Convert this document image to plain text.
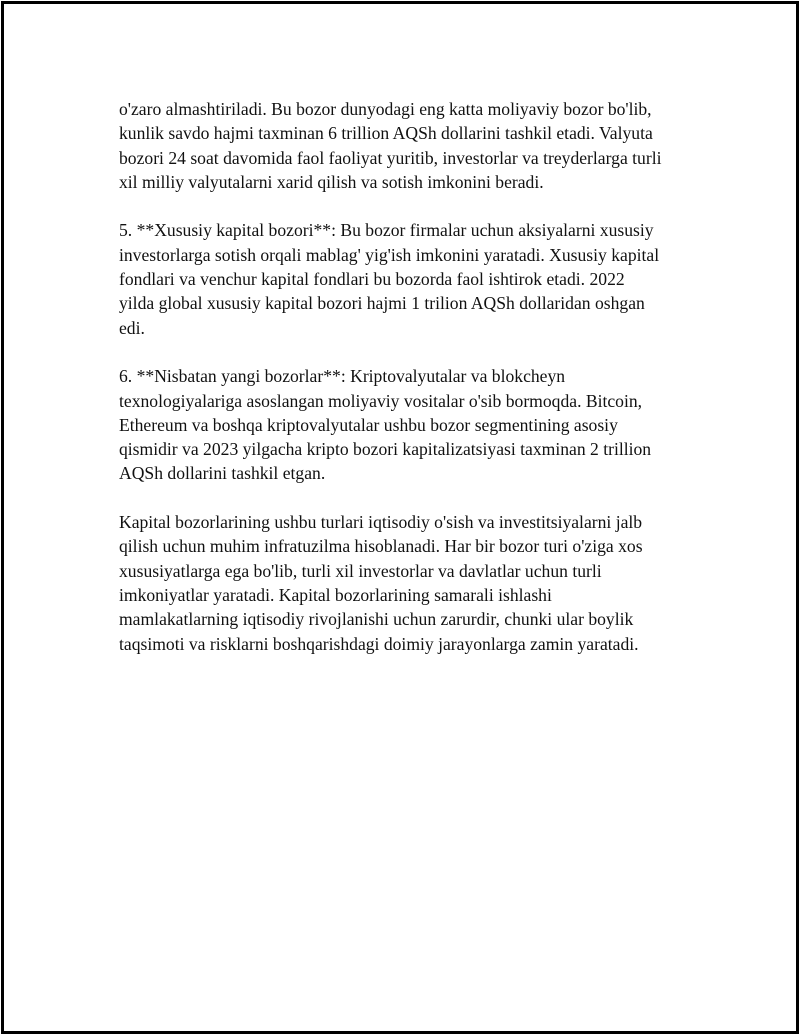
o'zaro almashtiriladi. Bu bozor dunyodagi eng katta moliyaviy bozor bo'lib,
kunlik savdo hajmi taxminan 6 trillion AQSh dollarini tashkil etadi. Valyuta
bozori 24 soat davomida faol faoliyat yuritib, investorlar va treyderlarga turli
xil milliy valyutalarni xarid qilish va sotish imkonini beradi.

5. **Xususiy kapital bozori**: Bu bozor firmalar uchun aksiyalarni xususiy
investorlarga sotish orqali mablag' yig'ish imkonini yaratadi. Xususiy kapital
fondlari va venchur kapital fondlari bu bozorda faol ishtirok etadi. 2022
yilda global xususiy kapital bozori hajmi 1 trilion AQSh dollaridan oshgan
edi.

6. **Nisbatan yangi bozorlar**: Kriptovalyutalar va blokcheyn
texnologiyalariga asoslangan moliyaviy vositalar o'sib bormoqda. Bitcoin,
Ethereum va boshqa kriptovalyutalar ushbu bozor segmentining asosiy
qismidir va 2023 yilgacha kripto bozori kapitalizatsiyasi taxminan 2 trillion
AQSh dollarini tashkil etgan.

Kapital bozorlarining ushbu turlari iqtisodiy o'sish va investitsiyalarni jalb
qilish uchun muhim infratuzilma hisoblanadi. Har bir bozor turi o'ziga xos
xususiyatlarga ega bo'lib, turli xil investorlar va davlatlar uchun turli
imkoniyatlar yaratadi. Kapital bozorlarining samarali ishlashi
mamlakatlarning iqtisodiy rivojlanishi uchun zarurdir, chunki ular boylik
taqsimoti va risklarni boshqarishdagi doimiy jarayonlarga zamin yaratadi.
